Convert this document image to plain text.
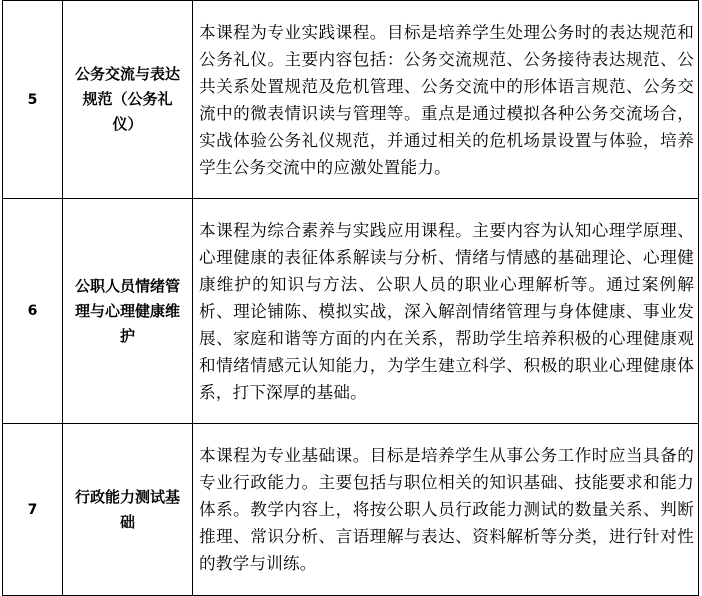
5	公务交流与表达规范（公务礼仪）	本课程为专业实践课程。目标是培养学生处理公务时的表达规范和公务礼仪。主要内容包括：公务交流规范、公务接待表达规范、公共关系处置规范及危机管理、公务交流中的形体语言规范、公务交流中的微表情识读与管理等。重点是通过模拟各种公务交流场合，实战体验公务礼仪规范，并通过相关的危机场景设置与体验，培养学生公务交流中的应激处置能力。
6	公职人员情绪管理与心理健康维护	本课程为综合素养与实践应用课程。主要内容为认知心理学原理、心理健康的表征体系解读与分析、情绪与情感的基础理论、心理健康维护的知识与方法、公职人员的职业心理解析等。通过案例解析、理论铺陈、模拟实战，深入解剖情绪管理与身体健康、事业发展、家庭和谐等方面的内在关系，帮助学生培养积极的心理健康观和情绪情感元认知能力，为学生建立科学、积极的职业心理健康体系，打下深厚的基础。
7	行政能力测试基础	本课程为专业基础课。目标是培养学生从事公务工作时应当具备的专业行政能力。主要包括与职位相关的知识基础、技能要求和能力体系。教学内容上，将按公职人员行政能力测试的数量关系、判断推理、常识分析、言语理解与表达、资料解析等分类，进行针对性的教学与训练。
